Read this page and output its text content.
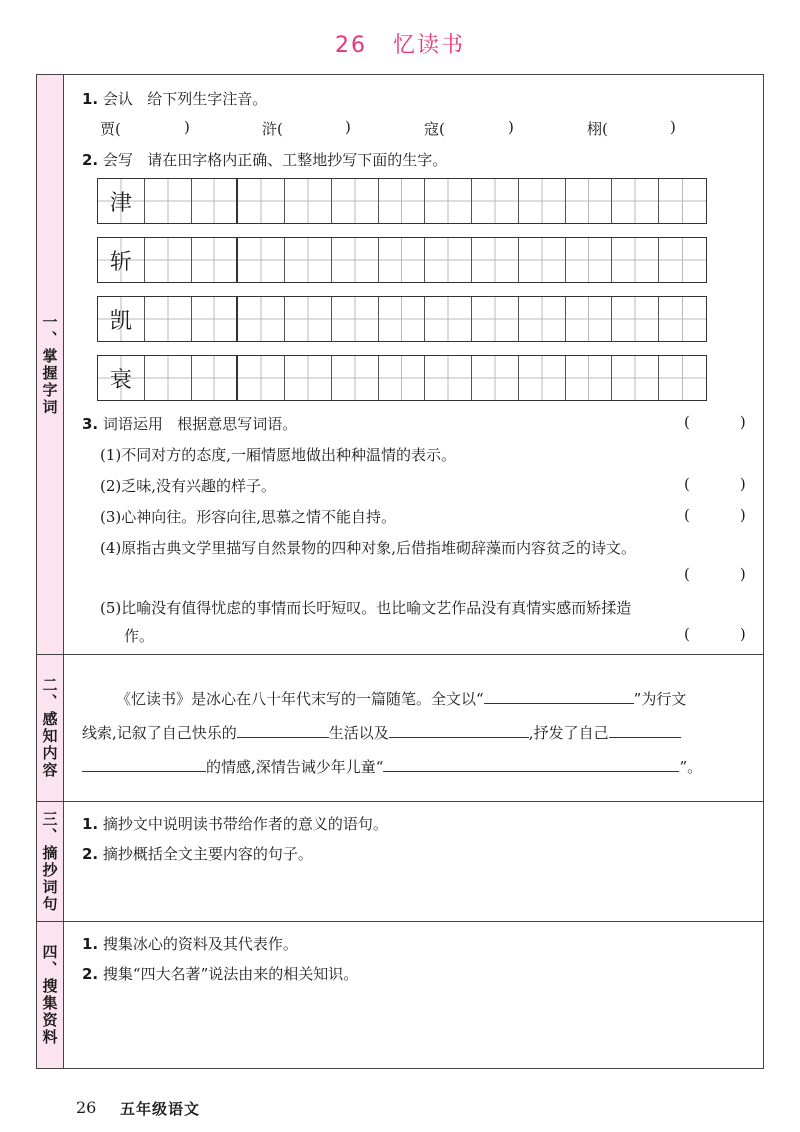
26 忆读书
一、掌握字词
二、感知内容
三、摘抄词句
四、搜集资料
1. 会认 给下列生字注音。
贾(	)	浒(	)	寇(	)	栩(	)
2. 会写 请在田字格内正确、工整地抄写下面的生字。
津
斩
凯
衰
3. 词语运用 根据意思写词语。	(	)
(1)不同对方的态度,一厢情愿地做出种种温情的表示。
(2)乏味,没有兴趣的样子。	(	)
(3)心神向往。形容向往,思慕之情不能自持。	(	)
(4)原指古典文学里描写自然景物的四种对象,后借指堆砌辞藻而内容贫乏的诗文。
(	)
(5)比喻没有值得忧虑的事情而长吁短叹。也比喻文艺作品没有真情实感而矫揉造
作。	(	)
《忆读书》是冰心在八十年代末写的一篇随笔。全文以“	”为行文
线索,记叙了自己快乐的	生活以及	,抒发了自己
的情感,深情告诫少年儿童“	”。
1. 摘抄文中说明读书带给作者的意义的语句。
2. 摘抄概括全文主要内容的句子。
1. 搜集冰心的资料及其代表作。
2. 搜集“四大名著”说法由来的相关知识。
26 五年级语文
